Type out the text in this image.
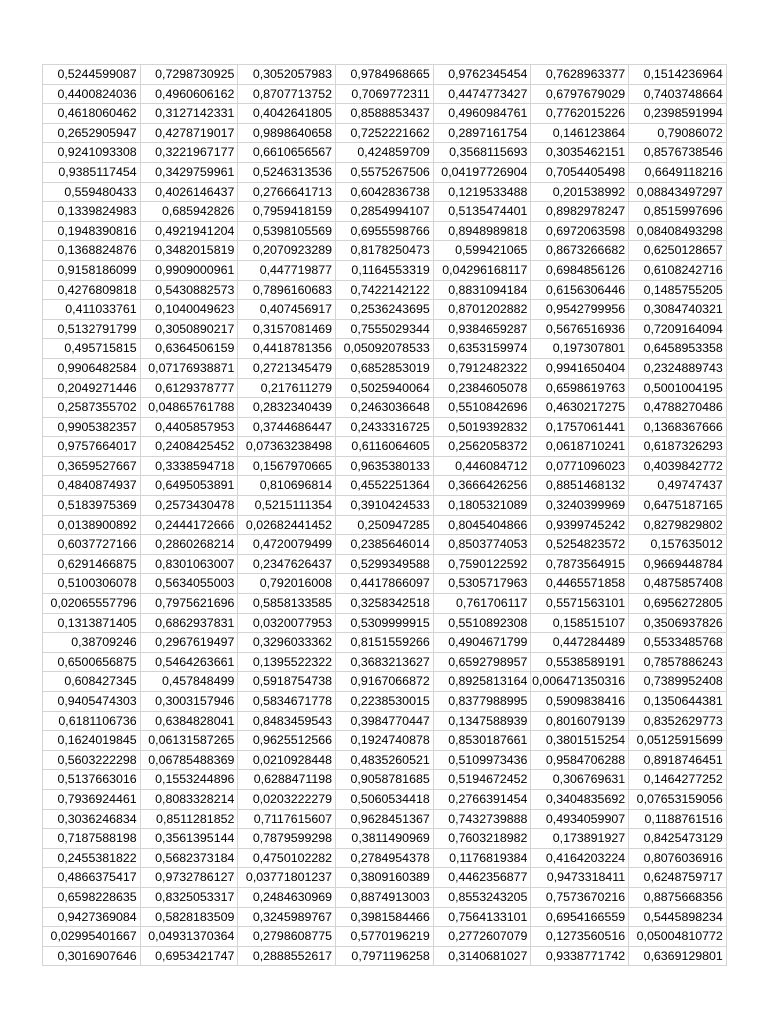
0,5244599087	0,7298730925	0,3052057983	0,9784968665	0,9762345454	0,7628963377	0,1514236964
0,4400824036	0,4960606162	0,8707713752	0,7069772311	0,4474773427	0,6797679029	0,7403748664
0,4618060462	0,3127142331	0,4042641805	0,8588853437	0,4960984761	0,7762015226	0,2398591994
0,2652905947	0,4278719017	0,9898640658	0,7252221662	0,2897161754	0,146123864	0,79086072
0,9241093308	0,3221967177	0,6610656567	0,424859709	0,3568115693	0,3035462151	0,8576738546
0,9385117454	0,3429759961	0,5246313536	0,5575267506	0,04197726904	0,7054405498	0,6649118216
0,559480433	0,4026146437	0,2766641713	0,6042836738	0,1219533488	0,201538992	0,08843497297
0,1339824983	0,685942826	0,7959418159	0,2854994107	0,5135474401	0,8982978247	0,8515997696
0,1948390816	0,4921941204	0,5398105569	0,6955598766	0,8948989818	0,6972063598	0,08408493298
0,1368824876	0,3482015819	0,2070923289	0,8178250473	0,599421065	0,8673266682	0,6250128657
0,9158186099	0,9909000961	0,447719877	0,1164553319	0,04296168117	0,6984856126	0,6108242716
0,4276809818	0,5430882573	0,7896160683	0,7422142122	0,8831094184	0,6156306446	0,1485755205
0,411033761	0,1040049623	0,407456917	0,2536243695	0,8701202882	0,9542799956	0,3084740321
0,5132791799	0,3050890217	0,3157081469	0,7555029344	0,9384659287	0,5676516936	0,7209164094
0,495715815	0,6364506159	0,4418781356	0,05092078533	0,6353159974	0,197307801	0,6458953358
0,9906482584	0,07176938871	0,2721345479	0,6852853019	0,7912482322	0,9941650404	0,2324889743
0,2049271446	0,6129378777	0,217611279	0,5025940064	0,2384605078	0,6598619763	0,5001004195
0,2587355702	0,04865761788	0,2832340439	0,2463036648	0,5510842696	0,4630217275	0,4788270486
0,9905382357	0,4405857953	0,3744686447	0,2433316725	0,5019392832	0,1757061441	0,1368367666
0,9757664017	0,2408425452	0,07363238498	0,6116064605	0,2562058372	0,0618710241	0,6187326293
0,3659527667	0,3338594718	0,1567970665	0,9635380133	0,446084712	0,0771096023	0,4039842772
0,4840874937	0,6495053891	0,810696814	0,4552251364	0,3666426256	0,8851468132	0,49747437
0,5183975369	0,2573430478	0,5215111354	0,3910424533	0,1805321089	0,3240399969	0,6475187165
0,0138900892	0,2444172666	0,02682441452	0,250947285	0,8045404866	0,9399745242	0,8279829802
0,6037727166	0,2860268214	0,4720079499	0,2385646014	0,8503774053	0,5254823572	0,157635012
0,6291466875	0,8301063007	0,2347626437	0,5299349588	0,7590122592	0,7873564915	0,9669448784
0,5100306078	0,5634055003	0,792016008	0,4417866097	0,5305717963	0,4465571858	0,4875857408
0,02065557796	0,7975621696	0,5858133585	0,3258342518	0,761706117	0,5571563101	0,6956272805
0,1313871405	0,6862937831	0,0320077953	0,5309999915	0,5510892308	0,158515107	0,3506937826
0,38709246	0,2967619497	0,3296033362	0,8151559266	0,4904671799	0,447284489	0,5533485768
0,6500656875	0,5464263661	0,1395522322	0,3683213627	0,6592798957	0,5538589191	0,7857886243
0,608427345	0,457848499	0,5918754738	0,9167066872	0,8925813164	0,006471350316	0,7389952408
0,9405474303	0,3003157946	0,5834671778	0,2238530015	0,8377988995	0,5909838416	0,1350644381
0,6181106736	0,6384828041	0,8483459543	0,3984770447	0,1347588939	0,8016079139	0,8352629773
0,1624019845	0,06131587265	0,9625512566	0,1924740878	0,8530187661	0,3801515254	0,05125915699
0,5603222298	0,06785488369	0,0210928448	0,4835260521	0,5109973436	0,9584706288	0,8918746451
0,5137663016	0,1553244896	0,6288471198	0,9058781685	0,5194672452	0,306769631	0,1464277252
0,7936924461	0,8083328214	0,0203222279	0,5060534418	0,2766391454	0,3404835692	0,07653159056
0,3036246834	0,8511281852	0,7117615607	0,9628451367	0,7432739888	0,4934059907	0,1188761516
0,7187588198	0,3561395144	0,7879599298	0,3811490969	0,7603218982	0,173891927	0,8425473129
0,2455381822	0,5682373184	0,4750102282	0,2784954378	0,1176819384	0,4164203224	0,8076036916
0,4866375417	0,9732786127	0,03771801237	0,3809160389	0,4462356877	0,9473318411	0,6248759717
0,6598228635	0,8325053317	0,2484630969	0,8874913003	0,8553243205	0,7573670216	0,8875668356
0,9427369084	0,5828183509	0,3245989767	0,3981584466	0,7564133101	0,6954166559	0,5445898234
0,02995401667	0,04931370364	0,2798608775	0,5770196219	0,2772607079	0,1273560516	0,05004810772
0,3016907646	0,6953421747	0,2888552617	0,7971196258	0,3140681027	0,9338771742	0,6369129801
